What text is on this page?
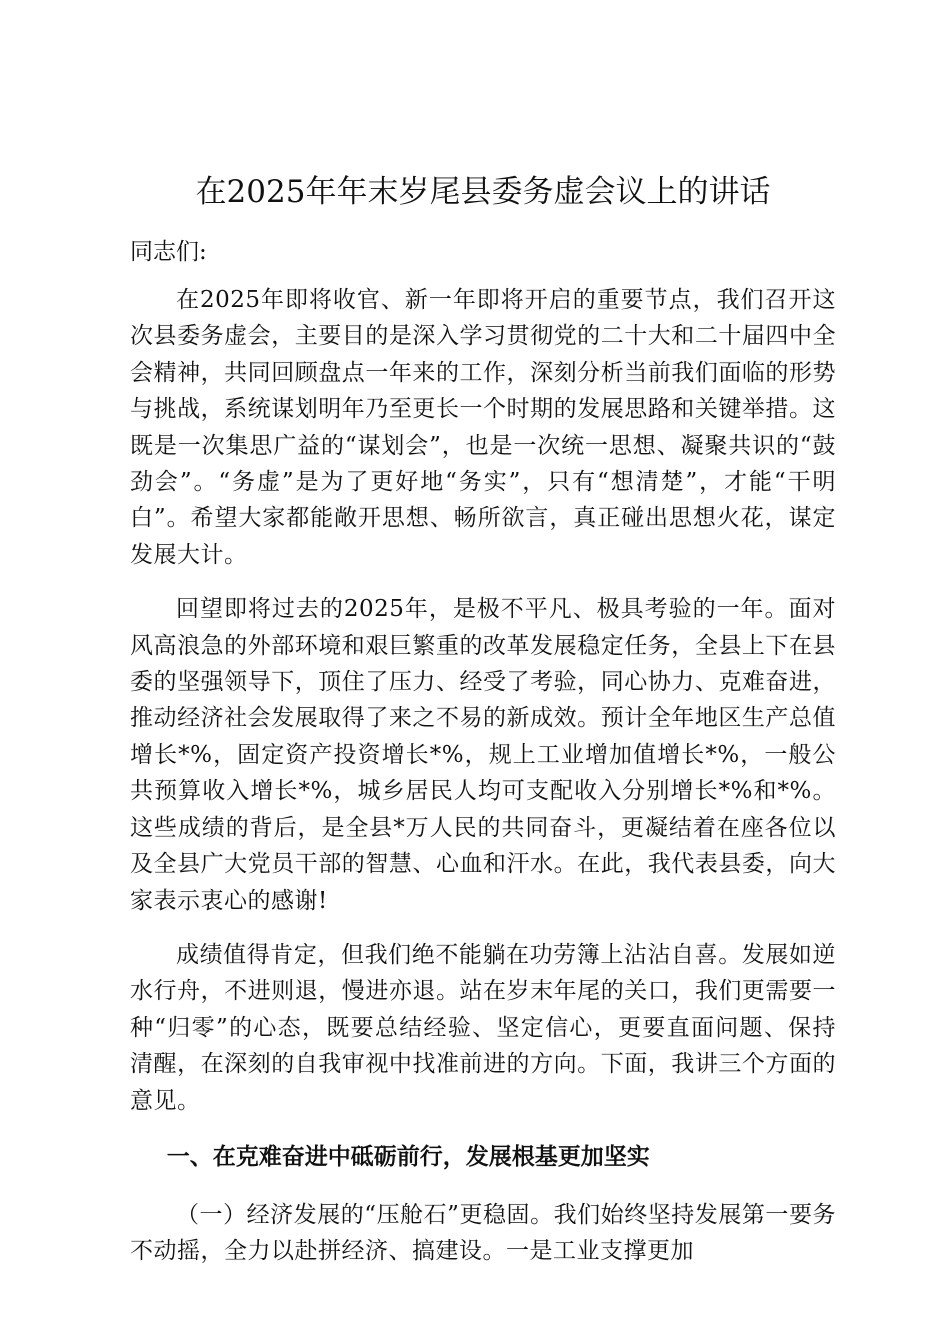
在2025年年末岁尾县委务虚会议上的讲话
同志们:

在2025年即将收官、新一年即将开启的重要节点，我们召开这次县委务虚会，主要目的是深入学习贯彻党的二十大和二十届四中全会精神，共同回顾盘点一年来的工作，深刻分析当前我们面临的形势与挑战，系统谋划明年乃至更长一个时期的发展思路和关键举措。这既是一次集思广益的“谋划会”，也是一次统一思想、凝聚共识的“鼓劲会”。“务虚”是为了更好地“务实”，只有“想清楚”，才能“干明白”。希望大家都能敞开思想、畅所欲言，真正碰出思想火花，谋定发展大计。

回望即将过去的2025年，是极不平凡、极具考验的一年。面对风高浪急的外部环境和艰巨繁重的改革发展稳定任务，全县上下在县委的坚强领导下，顶住了压力、经受了考验，同心协力、克难奋进，推动经济社会发展取得了来之不易的新成效。预计全年地区生产总值增长*%，固定资产投资增长*%，规上工业增加值增长*%，一般公共预算收入增长*%，城乡居民人均可支配收入分别增长*%和*%。这些成绩的背后，是全县*万人民的共同奋斗，更凝结着在座各位以及全县广大党员干部的智慧、心血和汗水。在此，我代表县委，向大家表示衷心的感谢!

成绩值得肯定，但我们绝不能躺在功劳簿上沾沾自喜。发展如逆水行舟，不进则退，慢进亦退。站在岁末年尾的关口，我们更需要一种“归零”的心态，既要总结经验、坚定信心，更要直面问题、保持清醒，在深刻的自我审视中找准前进的方向。下面，我讲三个方面的意见。

一、在克难奋进中砥砺前行，发展根基更加坚实

（一）经济发展的“压舱石”更稳固。我们始终坚持发展第一要务不动摇，全力以赴拼经济、搞建设。一是工业支撑更加
